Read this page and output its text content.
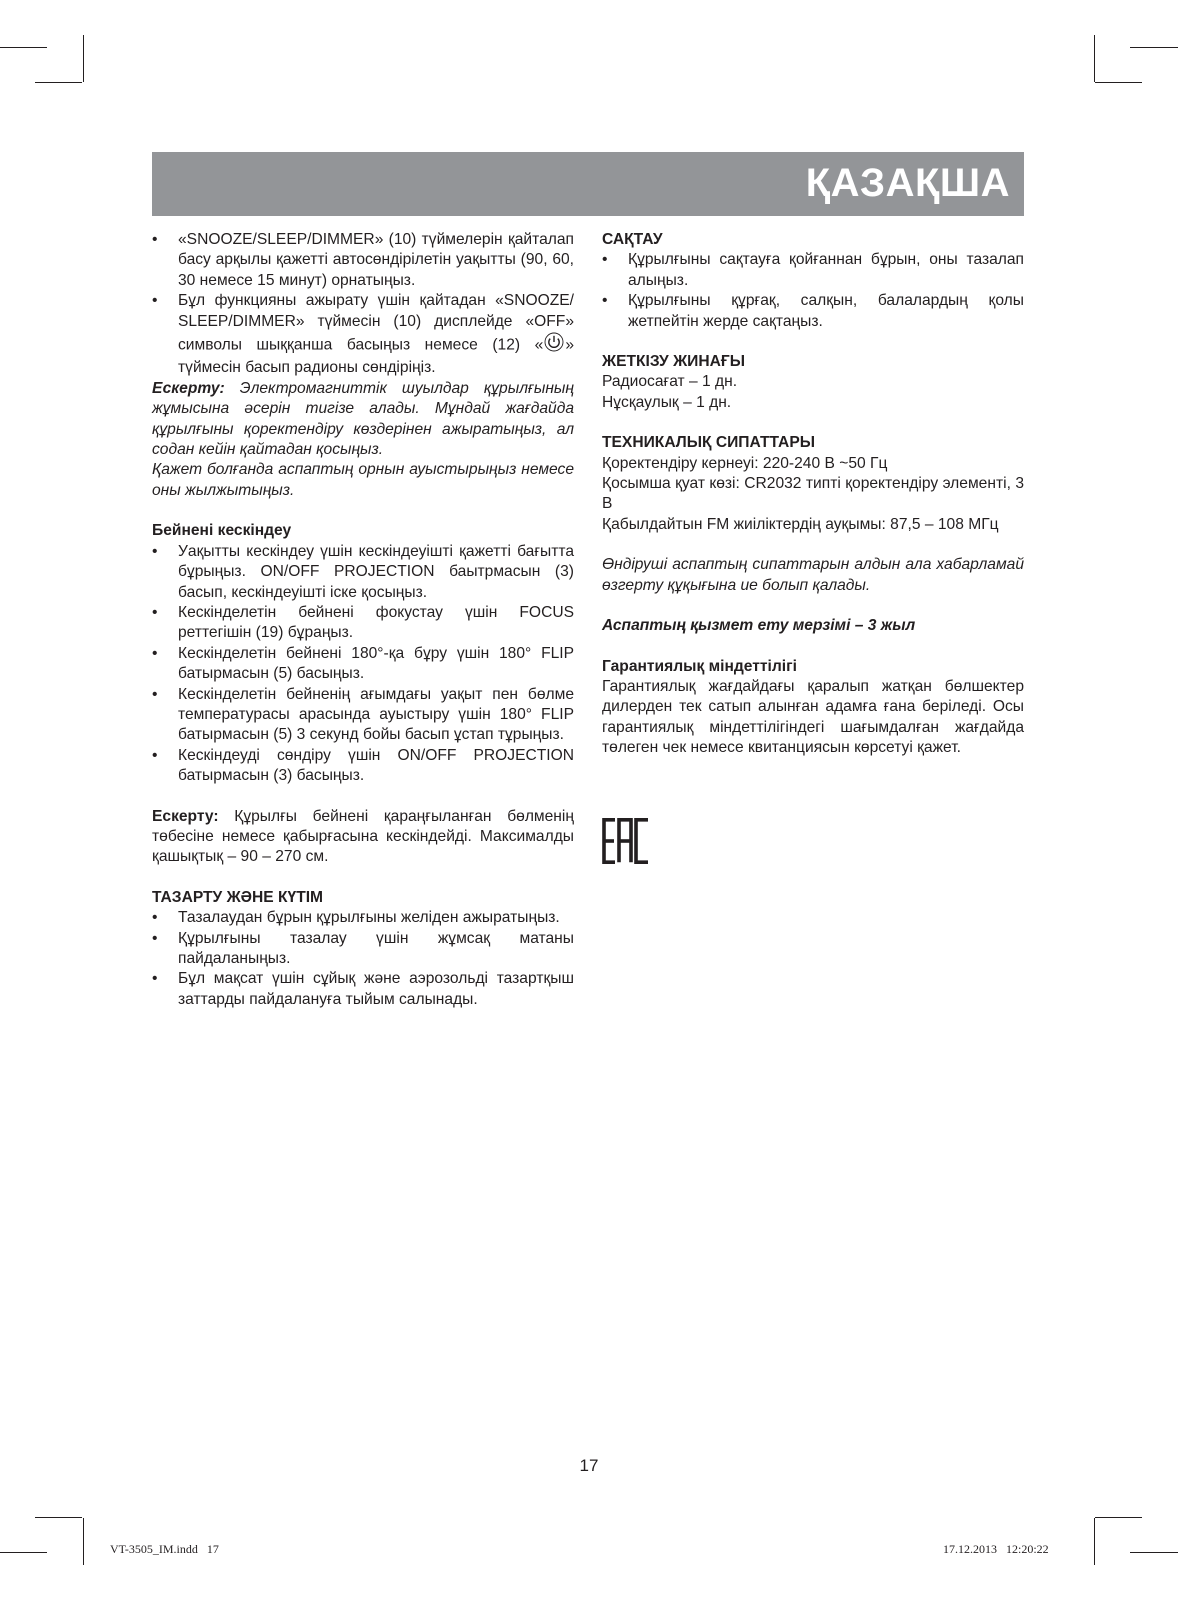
ҚАЗАҚША
• «SNOOZE/SLEEP/DIMMER» (10) түймелерін қайталап басу арқылы қажетті автосөндірілетін уақытты (90, 60, 30 немесе 15 минут) орнатыңыз.
• Бұл функцияны ажырату үшін қайтадан «SNOOZE/ SLEEP/DIMMER» түймесін (10) дисплейде «OFF» символы шыққанша басыңыз немесе (12) « » түймесін басып радионы сөндіріңіз.

Ескерту: Электромагниттік шуылдар құрылғының жұмысына әсерін тигізе алады. Мұндай жағдайда құрылғыны қоректендіру көздерінен ажыратыңыз, ал содан кейін қайтадан қосыңыз.

Қажет болғанда аспаптың орнын ауыстырыңыз немесе оны жылжытыңыз.

Бейнені кескіндеу
• Уақытты кескіндеу үшін кескіндеуішті қажетті бағытта бұрыңыз. ON/OFF PROJECTION баытрмасын (3) басып, кескіндеуішті іске қосыңыз.
• Кескінделетін бейнені фокустау үшін FOCUS реттегішін (19) бұраңыз.
• Кескінделетін бейнені 180°-қа бұру үшін 180° FLIP батырмасын (5) басыңыз.
• Кескінделетін бейненің ағымдағы уақыт пен бөлме температурасы арасында ауыстыру үшін 180° FLIP батырмасын (5) 3 секунд бойы басып ұстап тұрыңыз.
• Кескіндеуді сөндіру үшін ON/OFF PROJECTION батырмасын (3) басыңыз.

Ескерту: Құрылғы бейнені қараңғыланған бөлменің төбесіне немесе қабырғасына кескіндейді. Максималды қашықтық – 90 – 270 см.

ТАЗАРТУ ЖӘНЕ КҮТІМ
• Тазалаудан бұрын құрылғыны желіден ажыратыңыз.
• Құрылғыны тазалау үшін жұмсақ матаны пайдаланыңыз.
• Бұл мақсат үшін сұйық және аэрозольді тазартқыш заттарды пайдалануға тыйым салынады.
САҚТАУ
• Құрылғыны сақтауға қойғаннан бұрын, оны тазалап алыңыз.
• Құрылғыны құрғақ, салқын, балалардың қолы жетпейтін жерде сақтаңыз.
ЖЕТКІЗУ ЖИНАҒЫ

Радиосағат – 1 дн.

Нұсқаулық – 1 дн.

ТЕХНИКАЛЫҚ СИПАТТАРЫ

Қоректендіру кернеуі: 220-240 В ~50 Гц

Қосымша қуат көзі: CR2032 типті қоректендіру элементі, 3 В

Қабылдайтын FM жиіліктердің ауқымы: 87,5 – 108 МГц

Өндіруші аспаптың сипаттарын алдын ала хабарламай өзгерту құқығына ие болып қалады.

Аспаптың қызмет ету мерзімі – 3 жыл

Гарантиялық міндеттілігі

Гарантиялық жағдайдағы қаралып жатқан бөлшектер дилерден тек сатып алынған адамға ғана беріледі. Осы гарантиялық міндеттілігіндегі шағымдалған жағдайда төлеген чек немесе квитанциясын көрсетуі қажет.

17
VT-3505_IM.indd   17	17.12.2013   12:20:22
